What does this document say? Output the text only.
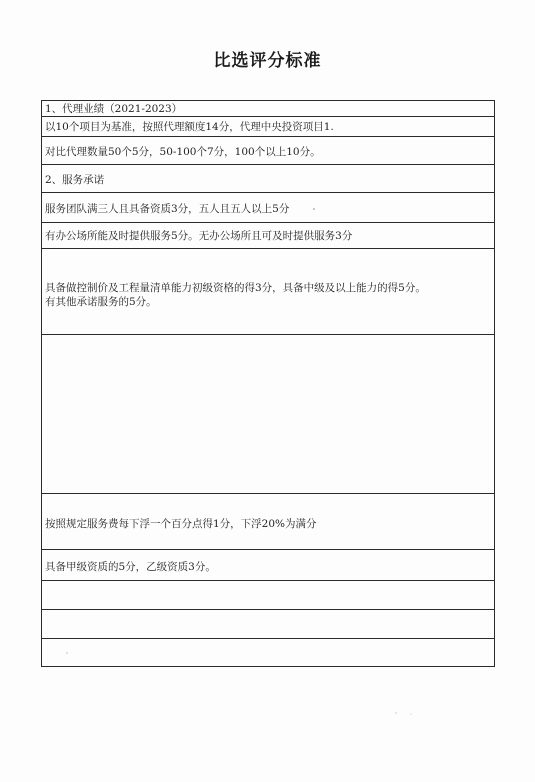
比选评分标准
1、代理业绩（2021-2023）
以10个项目为基准，按照代理额度14分，代理中央投资项目1.
对比代理数量50个5分，50-100个7分，100个以上10分。
2、服务承诺
服务团队满三人且具备资质3分，五人且五人以上5分
有办公场所能及时提供服务5分。无办公场所且可及时提供服务3分
具备做控制价及工程量清单能力初级资格的得3分，具备中级及以上能力的得5分。
有其他承诺服务的5分。
按照规定服务费每下浮一个百分点得1分，下浮20%为满分
具备甲级资质的5分，乙级资质3分。
